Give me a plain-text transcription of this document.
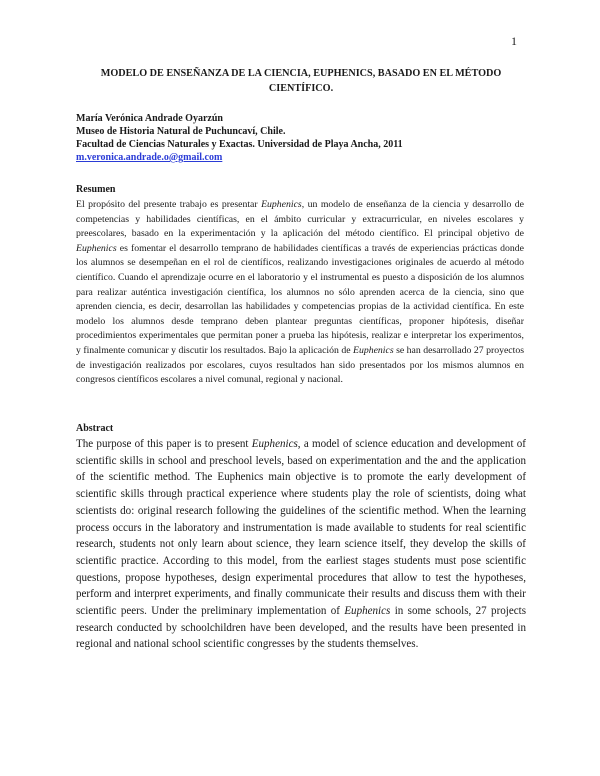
1
MODELO DE ENSEÑANZA DE LA CIENCIA, EUPHENICS, BASADO EN EL MÉTODO CIENTÍFICO.
María Verónica Andrade Oyarzún
Museo de Historia Natural de Puchuncaví, Chile.
Facultad de Ciencias Naturales y Exactas. Universidad de Playa Ancha, 2011
m.veronica.andrade.o@gmail.com
Resumen

El propósito del presente trabajo es presentar Euphenics, un modelo de enseñanza de la ciencia y desarrollo de competencias y habilidades científicas, en el ámbito curricular y extracurricular, en niveles escolares y preescolares, basado en la experimentación y la aplicación del método científico. El principal objetivo de Euphenics es fomentar el desarrollo temprano de habilidades científicas a través de experiencias prácticas donde los alumnos se desempeñan en el rol de científicos, realizando investigaciones originales de acuerdo al método científico. Cuando el aprendizaje ocurre en el laboratorio y el instrumental es puesto a disposición de los alumnos para realizar auténtica investigación científica, los alumnos no sólo aprenden acerca de la ciencia, sino que aprenden ciencia, es decir, desarrollan las habilidades y competencias propias de la actividad científica. En este modelo los alumnos desde temprano deben plantear preguntas científicas, proponer hipótesis, diseñar procedimientos experimentales que permitan poner a prueba las hipótesis, realizar e interpretar los experimentos, y finalmente comunicar y discutir los resultados. Bajo la aplicación de Euphenics se han desarrollado 27 proyectos de investigación realizados por escolares, cuyos resultados han sido presentados por los mismos alumnos en congresos científicos escolares a nivel comunal, regional y nacional.

Abstract

The purpose of this paper is to present Euphenics, a model of science education and development of scientific skills in school and preschool levels, based on experimentation and the and the application of the scientific method. The Euphenics main objective is to promote the early development of scientific skills through practical experience where students play the role of scientists, doing what scientists do: original research following the guidelines of the scientific method. When the learning process occurs in the laboratory and instrumentation is made available to students for real scientific research, students not only learn about science, they learn science itself, they develop the skills of scientific practice. According to this model, from the earliest stages students must pose scientific questions, propose hypotheses, design experimental procedures that allow to test the hypotheses, perform and interpret experiments, and finally communicate their results and discuss them with their scientific peers. Under the preliminary implementation of Euphenics in some schools, 27 projects research conducted by schoolchildren have been developed, and the results have been presented in regional and national school scientific congresses by the students themselves.
